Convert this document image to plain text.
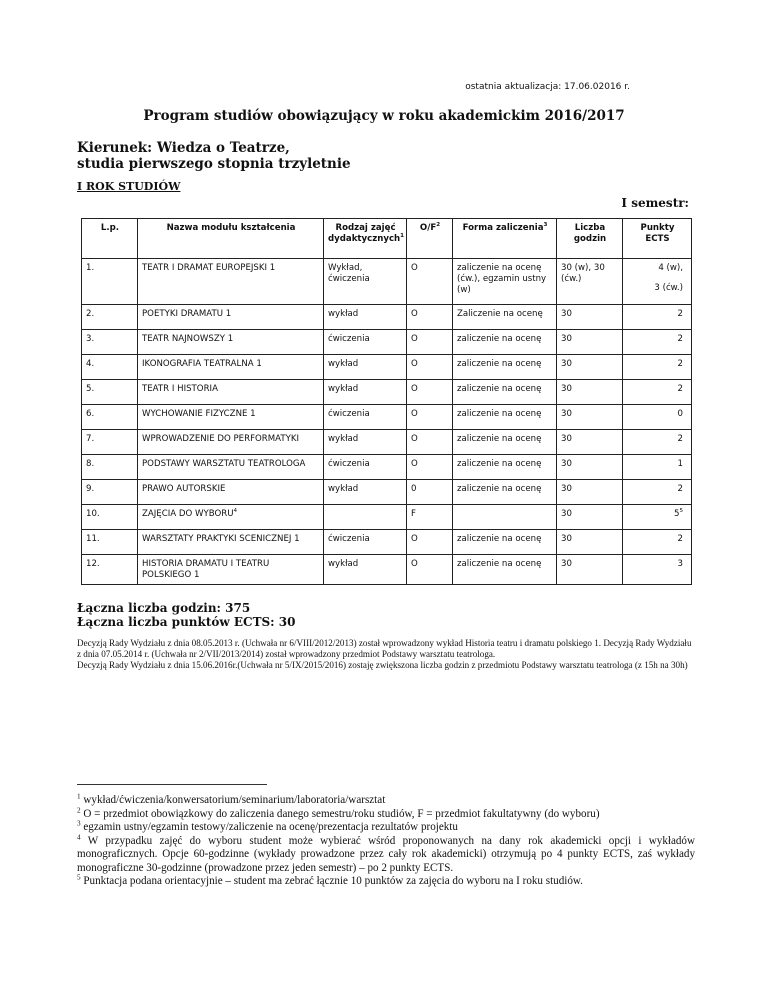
ostatnia aktualizacja: 17.06.02016 r.
Program studiów obowiązujący w roku akademickim 2016/2017
Kierunek: Wiedza o Teatrze,
studia pierwszego stopnia trzyletnie
I ROK STUDIÓW
I semestr:
L.p.	Nazwa modułu kształcenia	Rodzaj zajęć dydaktycznych$^1$	$O/F^2$	Forma zaliczenia$^3$	Liczba godzin	Punkty ECTS
1.	TEATR I DRAMAT EUROPEJSKI 1	Wykład, ćwiczenia	O	zaliczenie na ocenę (ćw.), egzamin ustny (w)	30 (w), 30 (ćw.)	4 (w),
3 (ćw.)

2.	POETYKI DRAMATU 1	wykład	O	Zaliczenie na ocenę	30	2
3.	TEATR NAJNOWSZY 1	ćwiczenia	O	zaliczenie na ocenę	30	2
4.	IKONOGRAFIA TEATRALNA 1	wykład	O	zaliczenie na ocenę	30	2
5.	TEATR I HISTORIA	wykład	O	zaliczenie na ocenę	30	2
6.	WYCHOWANIE FIZYCZNE 1	ćwiczenia	O	zaliczenie na ocenę	30	0
7.	WPROWADZENIE DO PERFORMATYKI	wykład	O	zaliczenie na ocenę	30	2
8.	PODSTAWY WARSZTATU TEATROLOGA	ćwiczenia	O	zaliczenie na ocenę	30	1
9.	PRAWO AUTORSKIE	wykład	0	zaliczenie na ocenę	30	2
10.	ZAJĘCIA DO WYBORU$^4$		F		30	$5^5$
11.	WARSZTATY PRAKTYKI SCENICZNEJ 1	ćwiczenia	O	zaliczenie na ocenę	30	2
12.	HISTORIA DRAMATU I TEATRU POLSKIEGO 1	wykład	O	zaliczenie na ocenę	30	3
Łączna liczba godzin: 375
Łączna liczba punktów ECTS: 30
Decyzją Rady Wydziału z dnia 08.05.2013 r. (Uchwała nr 6/VIII/2012/2013) został wprowadzony wykład Historia teatru i dramatu polskiego 1. Decyzją Rady Wydziału z dnia 07.05.2014 r. (Uchwała nr 2/VII/2013/2014) został wprowadzony przedmiot Podstawy warsztatu teatrologa.
Decyzją Rady Wydziału z dnia 15.06.2016r.(Uchwała nr 5/IX/2015/2016) zostaję zwiększona liczba godzin z przedmiotu Podstawy warsztatu teatrologa (z 15h na 30h)
$^1$ wykład/ćwiczenia/konwersatorium/seminarium/laboratoria/warsztat
$^2$ O = przedmiot obowiązkowy do zaliczenia danego semestru/roku studiów, F = przedmiot fakultatywny (do wyboru)
$^3$ egzamin ustny/egzamin testowy/zaliczenie na ocenę/prezentacja rezultatów projektu
$^4$ W przypadku zajęć do wyboru student może wybierać wśród proponowanych na dany rok akademicki opcji i wykładów monograficznych. Opcje 60-godzinne (wykłady prowadzone przez cały rok akademicki) otrzymują po 4 punkty ECTS, zaś wykłady monograficzne 30-godzinne (prowadzone przez jeden semestr) – po 2 punkty ECTS.
$^5$ Punktacja podana orientacyjnie – student ma zebrać łącznie 10 punktów za zajęcia do wyboru na I roku studiów.
